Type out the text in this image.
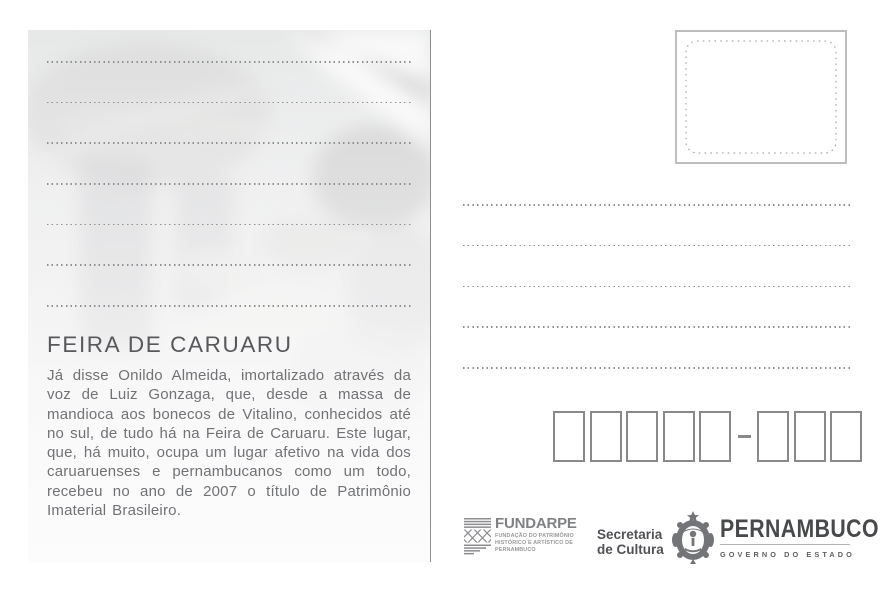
FEIRA DE CARUARU
Já disse Onildo Almeida, imortalizado através da voz de Luiz Gonzaga, que, desde a massa de mandioca aos bonecos de Vitalino, conhecidos até no sul, de tudo há na Feira de Caruaru. Este lugar, que, há muito, ocupa um lugar afetivo na vida dos caruaruenses e pernambucanos como um todo, recebeu no ano de 2007 o título de Patrimônio Imaterial Brasileiro.
FUNDARPE
FUNDAÇÃO DO PATRIMÔNIO
HISTÓRICO E ARTÍSTICO DE
PERNAMBUCO
Secretaria
de Cultura
PERNAMBUCO
GOVERNO DO ESTADO
